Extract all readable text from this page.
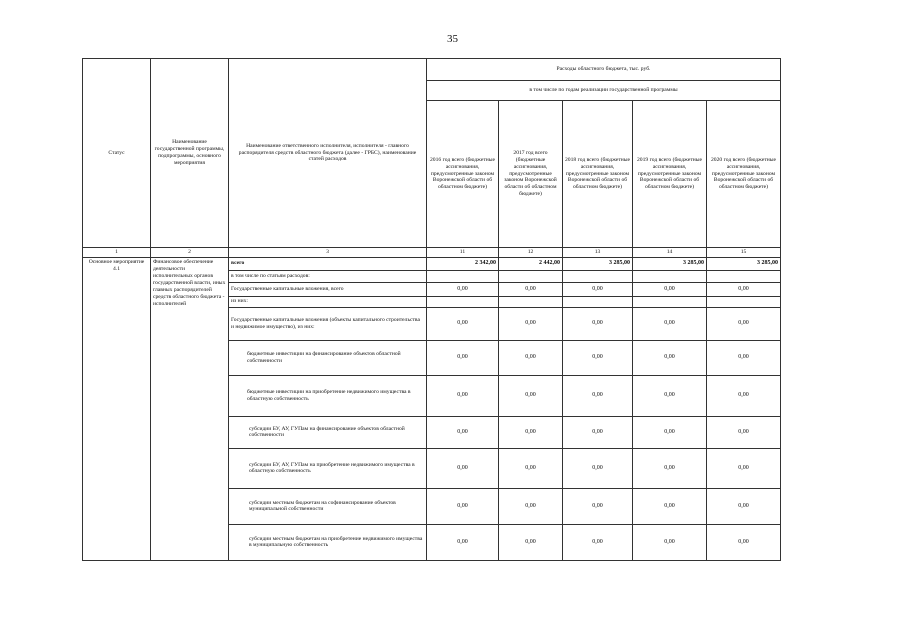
35
Статус	Наименование государственной программы, подпрограммы, основного мероприятия	Наименование ответственного исполнителя, исполнителя - главного распорядителя средств областного бюджета (далее - ГРБС), наименование статей расходов	Расходы областного бюджета, тыс. руб.				
			в том числе по годам реализации государственной программы				
			2016 год всего (бюджетные ассигнования, предусмотренные законом Воронежской области об областном бюджете)	2017 год всего (бюджетные ассигнования, предусмотренные законом Воронежской области об областном бюджете)	2018 год всего (бюджетные ассигнования, предусмотренные законом Воронежской области об областном бюджете)	2019 год всего (бюджетные ассигнования, предусмотренные законом Воронежской области об областном бюджете)	2020 год всего (бюджетные ассигнования, предусмотренные законом Воронежской области об областном бюджете)
1	2	3	11	12	13	14	15
Основное мероприятие 4.1	Финансовое обеспечение деятельности исполнительных органов государственной власти, иных главных распорядителей средств областного бюджета - исполнителей	всего	2 342,00	2 442,00	3 285,00	3 285,00	3 285,00
		в том числе по статьям расходов:					
		Государственные капитальные вложения, всего	0,00	0,00	0,00	0,00	0,00
		из них:					
		Государственные капитальные вложения (объекты капитального строительства и недвижимое имущество), из них:	0,00	0,00	0,00	0,00	0,00
		бюджетные инвестиции на финансирование объектов областной собственности	0,00	0,00	0,00	0,00	0,00
		бюджетные инвестиции на приобретение недвижимого имущества в областную собственность	0,00	0,00	0,00	0,00	0,00
		субсидии БУ, АУ, ГУПам на финансирование объектов областной собственности	0,00	0,00	0,00	0,00	0,00
		субсидии БУ, АУ, ГУПам на приобретение недвижимого имущества в областную собственность	0,00	0,00	0,00	0,00	0,00
		субсидии местным бюджетам на софинансирование объектов муниципальной собственности	0,00	0,00	0,00	0,00	0,00
		субсидии местным бюджетам на приобретение недвижимого имущества в муниципальную собственность	0,00	0,00	0,00	0,00	0,00
